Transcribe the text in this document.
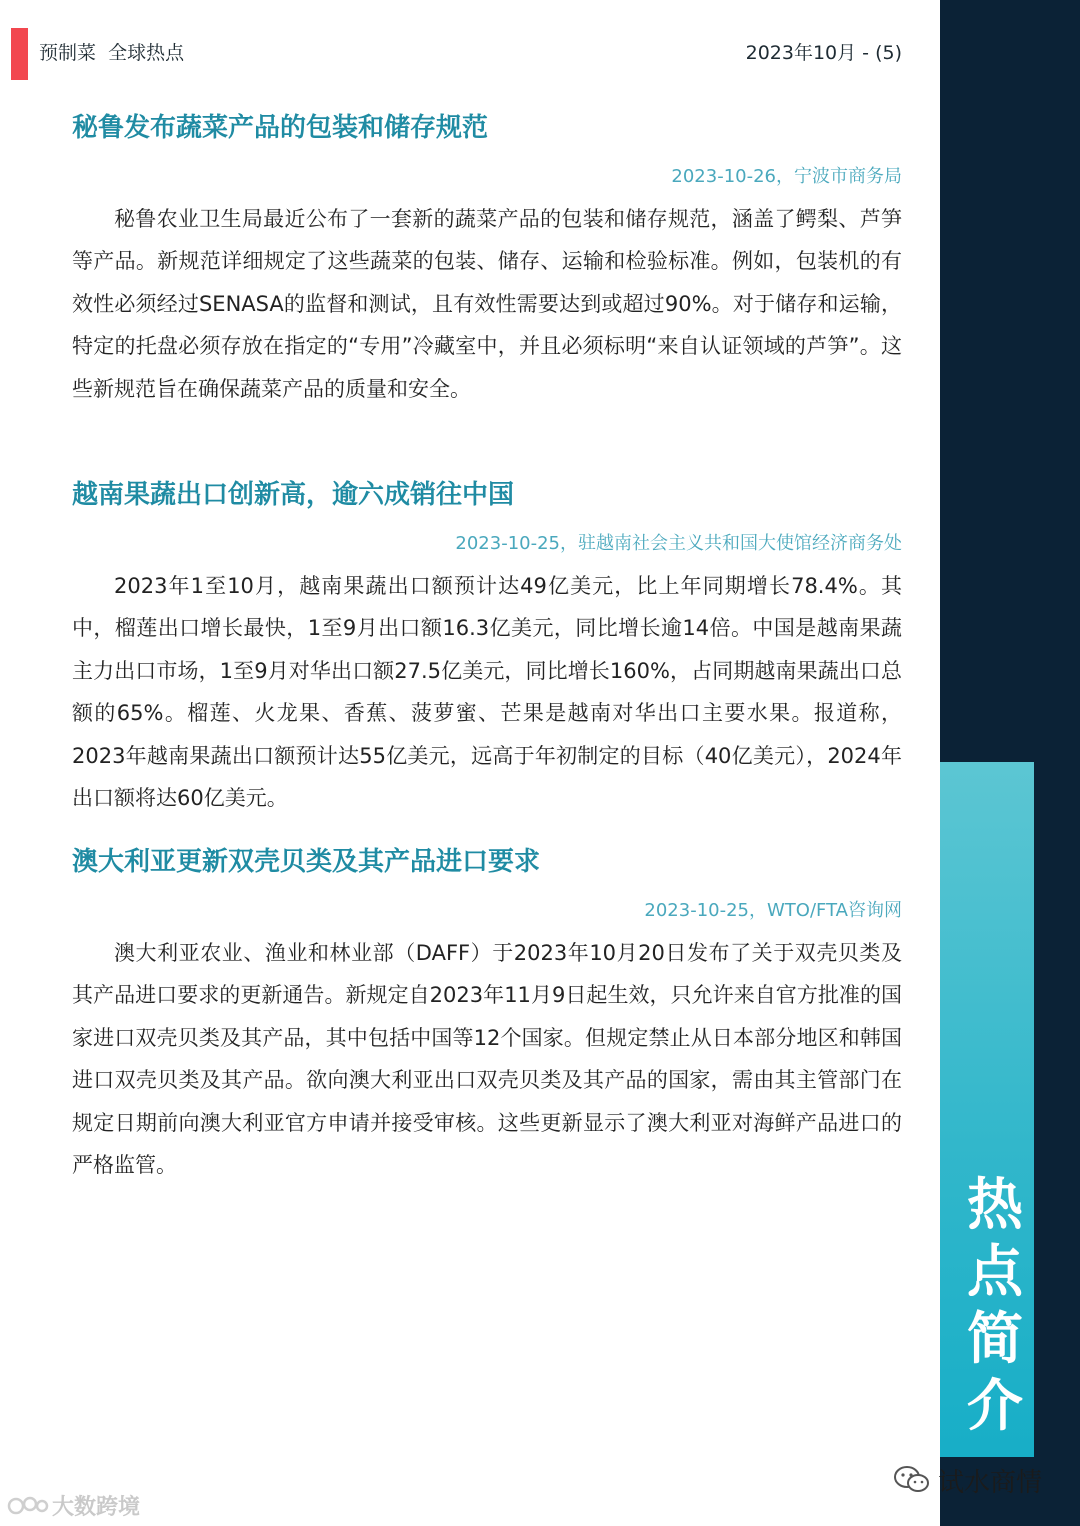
预制菜  全球热点	2023年10月 - (5)
热
点
简
介
秘鲁发布蔬菜产品的包装和储存规范
2023-10-26，宁波市商务局

秘鲁农业卫生局最近公布了一套新的蔬菜产品的包装和储存规范，涵盖了鳄梨、芦笋等产品。新规范详细规定了这些蔬菜的包装、储存、运输和检验标准。例如，包装机的有效性必须经过SENASA的监督和测试，且有效性需要达到或超过90%。对于储存和运输，特定的托盘必须存放在指定的“专用”冷藏室中，并且必须标明“来自认证领域的芦笋”。这些新规范旨在确保蔬菜产品的质量和安全。

越南果蔬出口创新高，逾六成销往中国
2023-10-25，驻越南社会主义共和国大使馆经济商务处

2023年1至10月，越南果蔬出口额预计达49亿美元，比上年同期增长78.4%。其中，榴莲出口增长最快，1至9月出口额16.3亿美元，同比增长逾14倍。中国是越南果蔬主力出口市场，1至9月对华出口额27.5亿美元，同比增长160%，占同期越南果蔬出口总额的65%。榴莲、火龙果、香蕉、菠萝蜜、芒果是越南对华出口主要水果。报道称，2023年越南果蔬出口额预计达55亿美元，远高于年初制定的目标（40亿美元），2024年出口额将达60亿美元。

澳大利亚更新双壳贝类及其产品进口要求
2023-10-25，WTO/FTA咨询网

澳大利亚农业、渔业和林业部（DAFF）于2023年10月20日发布了关于双壳贝类及其产品进口要求的更新通告。新规定自2023年11月9日起生效，只允许来自官方批准的国家进口双壳贝类及其产品，其中包括中国等12个国家。但规定禁止从日本部分地区和韩国进口双壳贝类及其产品。欲向澳大利亚出口双壳贝类及其产品的国家，需由其主管部门在规定日期前向澳大利亚官方申请并接受审核。这些更新显示了澳大利亚对海鲜产品进口的严格监管。

试水商情
大数跨境
